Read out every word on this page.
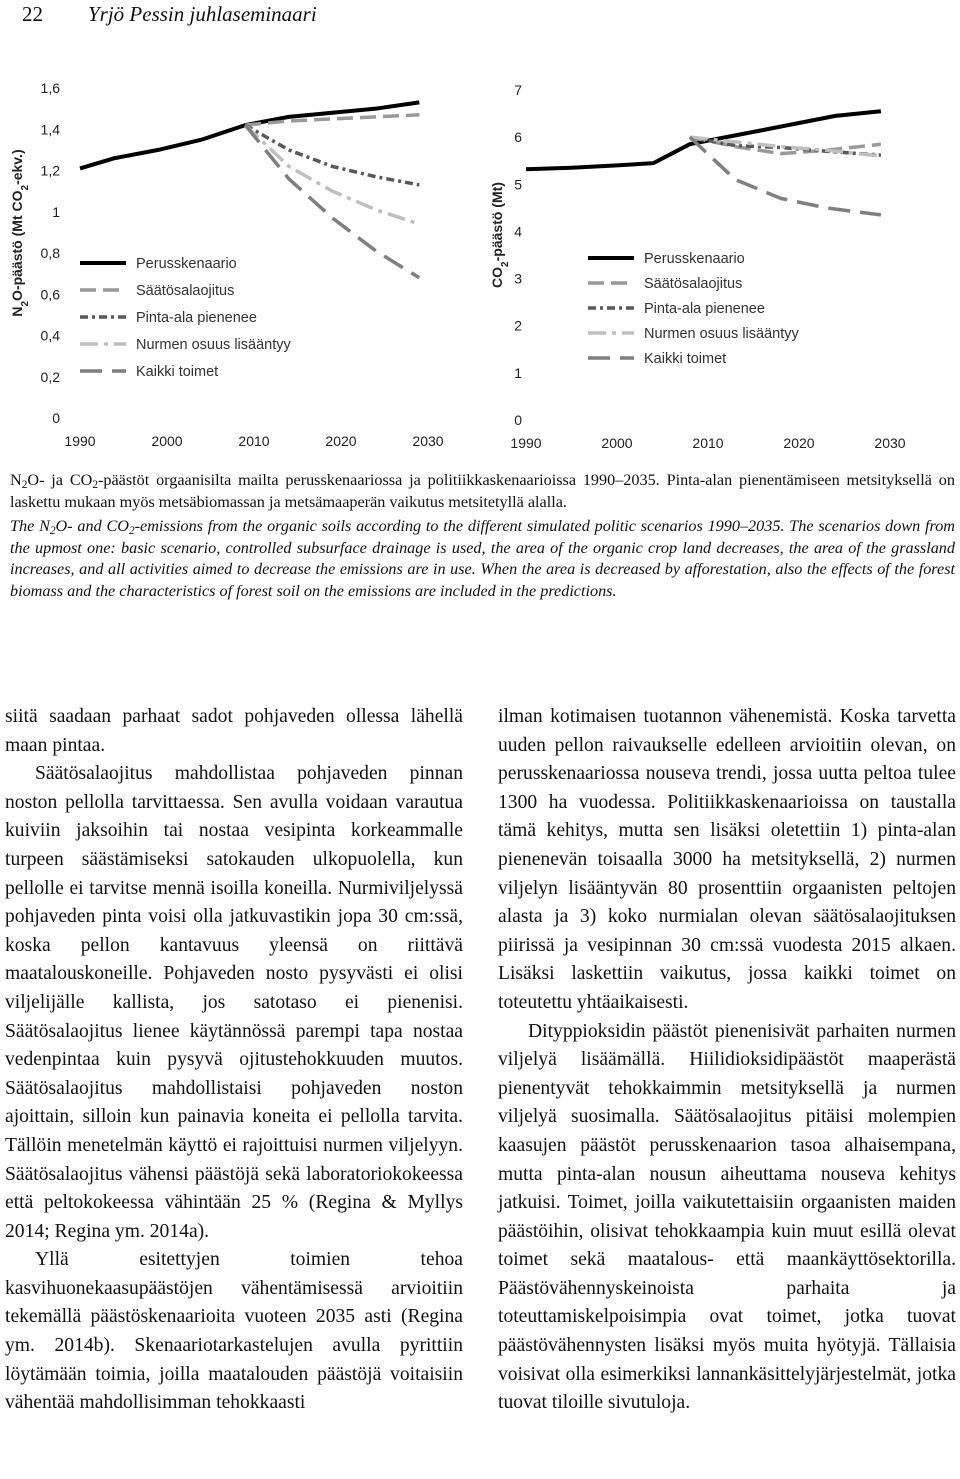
22 Yrjö Pessin juhlaseminaari
0
0,2
0,4
0,6
0,8
1
1,2
1,4
1,6
1990	2000	2010	2020	2030
$N_2O$-päästö (Mt $CO_2-ekv$.)
Perusskenaario
Säätösalaojitus
Pinta-ala pienenee
Nurmen osuus lisääntyy
Kaikki toimet
0
1
2
3
4
5
6
7
1990	2000	2010	2020	2030
$CO_2$-päästö (Mt)	Perusskenaario
Säätösalaojitus
Pinta-ala pienenee
Nurmen osuus lisääntyy
Kaikki toimet

$N_2O-$ ja $CO_2$-päästöt orgaanisilta mailta perusskenaariossa ja politiikkaskenaarioissa 1990–2035. Pinta-alan pienentämiseen metsityksellä on laskettu mukaan myös metsäbiomassan ja metsämaaperän vaikutus metsitetyllä alalla.

The $N_2O-$ and $CO_2$-emissions from the organic soils according to the different simulated politic scenarios 1990–2035. The scenarios down from the upmost one: basic scenario, controlled subsurface drainage is used, the area of the organic crop land decreases, the area of the grassland increases, and all activities aimed to decrease the emissions are in use. When the area is decreased by afforestation, also the effects of the forest biomass and the characteristics of forest soil on the emissions are included in the predictions.

siitä saadaan parhaat sadot pohjaveden ollessa lähellä maan pintaa.

Säätösalaojitus mahdollistaa pohjaveden pinnan noston pellolla tarvittaessa. Sen avulla voidaan varautua kuiviin jaksoihin tai nostaa vesipinta korkeammalle turpeen säästämiseksi satokauden ulkopuolella, kun pellolle ei tarvitse mennä isoilla koneilla. Nurmiviljelyssä pohjaveden pinta voisi olla jatkuvastikin jopa 30 cm:ssä, koska pellon kantavuus yleensä on riittävä maatalouskoneille. Pohjaveden nosto pysyvästi ei olisi viljelijälle kallista, jos satotaso ei pienenisi. Säätösalaojitus lienee käytännössä parempi tapa nostaa vedenpintaa kuin pysyvä ojitustehokkuuden muutos. Säätösalaojitus mahdollistaisi pohjaveden noston ajoittain, silloin kun painavia koneita ei pellolla tarvita. Tällöin menetelmän käyttö ei rajoittuisi nurmen viljelyyn. Säätösalaojitus vähensi päästöjä sekä laboratoriokokeessa että peltokokeessa vähintään 25 % (Regina & Myllys 2014; Regina ym. 2014a).

Yllä esitettyjen toimien tehoa kasvihuonekaasupäästöjen vähentämisessä arvioitiin tekemällä päästöskenaarioita vuoteen 2035 asti (Regina ym. 2014b). Skenaariotarkastelujen avulla pyrittiin löytämään toimia, joilla maatalouden päästöjä voitaisiin vähentää mahdollisimman tehokkaasti

ilman kotimaisen tuotannon vähenemistä. Koska tarvetta uuden pellon raivaukselle edelleen arvioitiin olevan, on perusskenaariossa nouseva trendi, jossa uutta peltoa tulee 1300 ha vuodessa. Politiikkaskenaarioissa on taustalla tämä kehitys, mutta sen lisäksi oletettiin 1) pinta-alan pienenevän toisaalla 3000 ha metsityksellä, 2) nurmen viljelyn lisääntyvän 80 prosenttiin orgaanisten peltojen alasta ja 3) koko nurmialan olevan säätösalaojituksen piirissä ja vesipinnan 30 cm:ssä vuodesta 2015 alkaen. Lisäksi laskettiin vaikutus, jossa kaikki toimet on toteutettu yhtäaikaisesti.

Dityppioksidin päästöt pienenisivät parhaiten nurmen viljelyä lisäämällä. Hiilidioksidipäästöt maaperästä pienentyvät tehokkaimmin metsityksellä ja nurmen viljelyä suosimalla. Säätösalaojitus pitäisi molempien kaasujen päästöt perusskenaarion tasoa alhaisempana, mutta pinta-alan nousun aiheuttama nouseva kehitys jatkuisi. Toimet, joilla vaikutettaisiin orgaanisten maiden päästöihin, olisivat tehokkaampia kuin muut esillä olevat toimet sekä maatalous- että maankäyttösektorilla. Päästövähennyskeinoista parhaita ja toteuttamiskelpoisimpia ovat toimet, jotka tuovat päästövähennysten lisäksi myös muita hyötyjä. Tällaisia voisivat olla esimerkiksi lannankäsittelyjärjestelmät, jotka tuovat tiloille sivutuloja.
